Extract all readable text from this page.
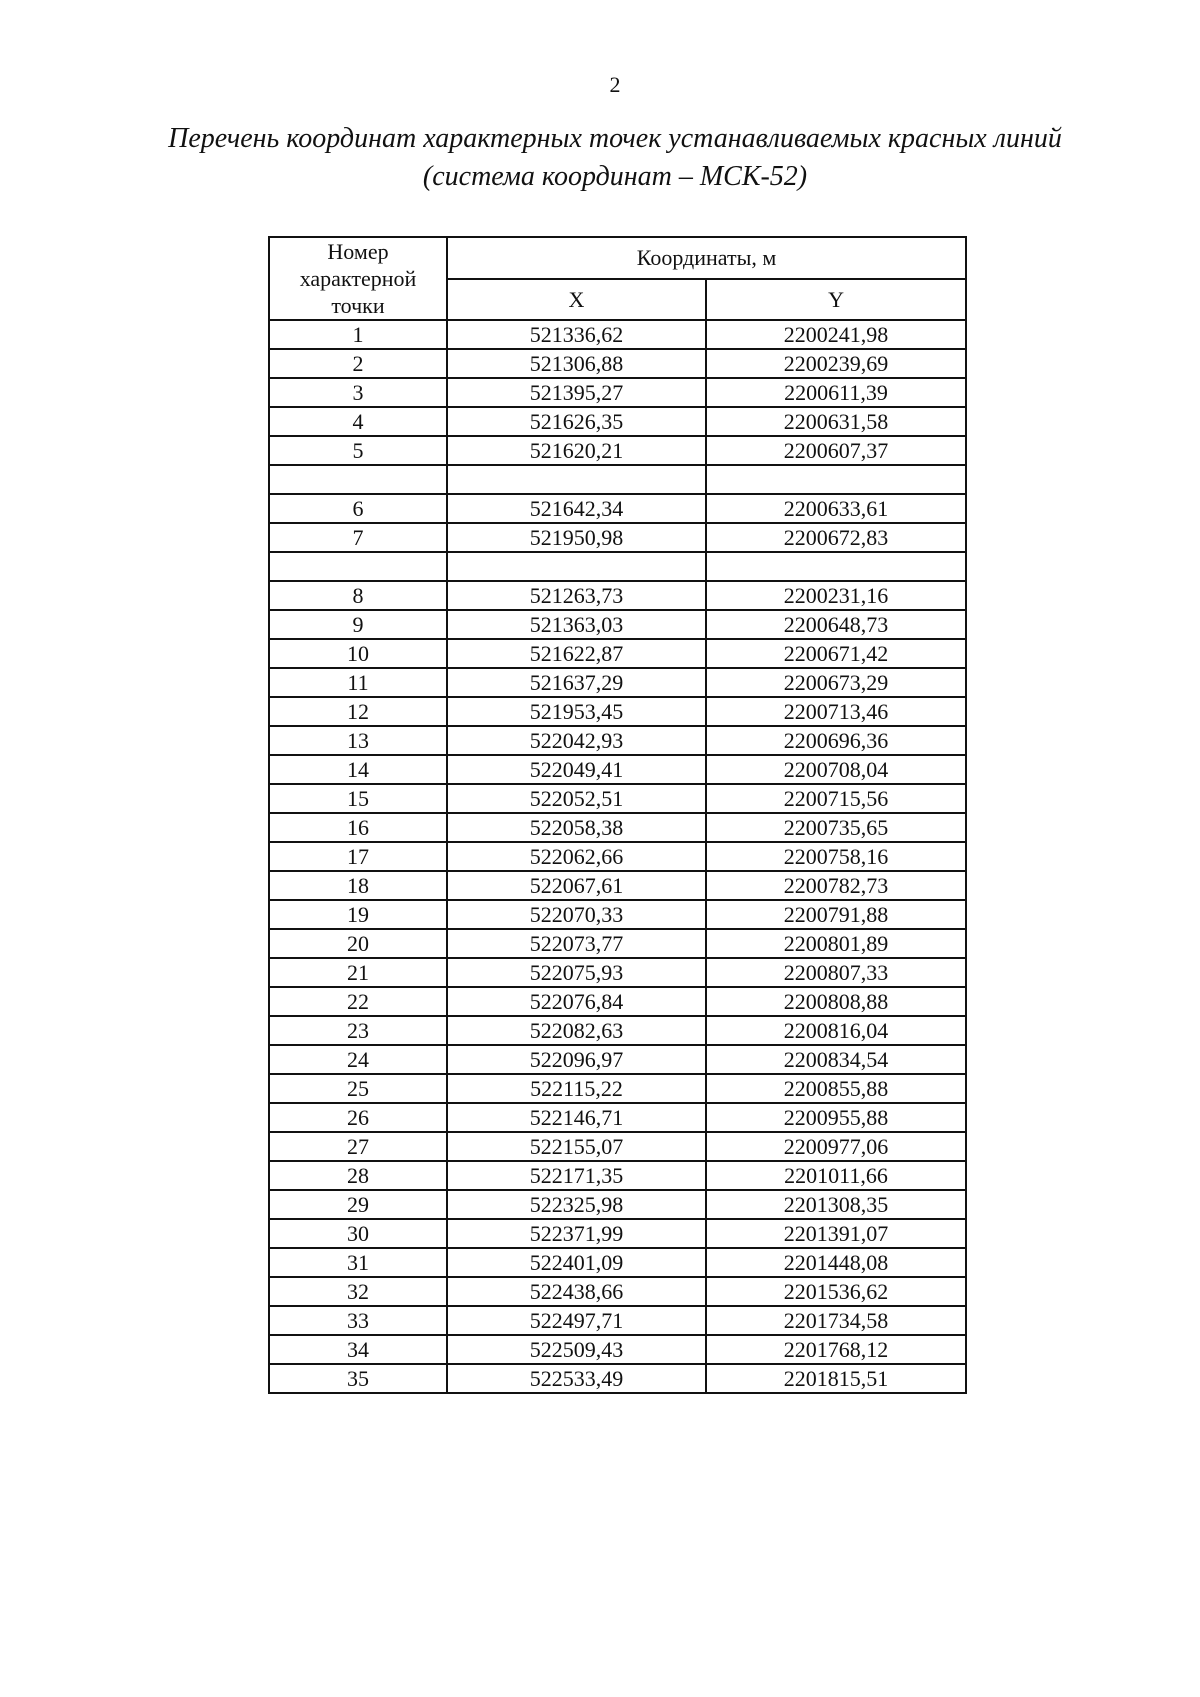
2
Перечень координат характерных точек устанавливаемых красных линий
(система координат – МСК-52)
Номер
характерной
точки	Координаты, м	
	X	Y
1	521336,62	2200241,98
2	521306,88	2200239,69
3	521395,27	2200611,39
4	521626,35	2200631,58
5	521620,21	2200607,37

6	521642,34	2200633,61
7	521950,98	2200672,83

8	521263,73	2200231,16
9	521363,03	2200648,73
10	521622,87	2200671,42
11	521637,29	2200673,29
12	521953,45	2200713,46
13	522042,93	2200696,36
14	522049,41	2200708,04
15	522052,51	2200715,56
16	522058,38	2200735,65
17	522062,66	2200758,16
18	522067,61	2200782,73
19	522070,33	2200791,88
20	522073,77	2200801,89
21	522075,93	2200807,33
22	522076,84	2200808,88
23	522082,63	2200816,04
24	522096,97	2200834,54
25	522115,22	2200855,88
26	522146,71	2200955,88
27	522155,07	2200977,06
28	522171,35	2201011,66
29	522325,98	2201308,35
30	522371,99	2201391,07
31	522401,09	2201448,08
32	522438,66	2201536,62
33	522497,71	2201734,58
34	522509,43	2201768,12
35	522533,49	2201815,51
